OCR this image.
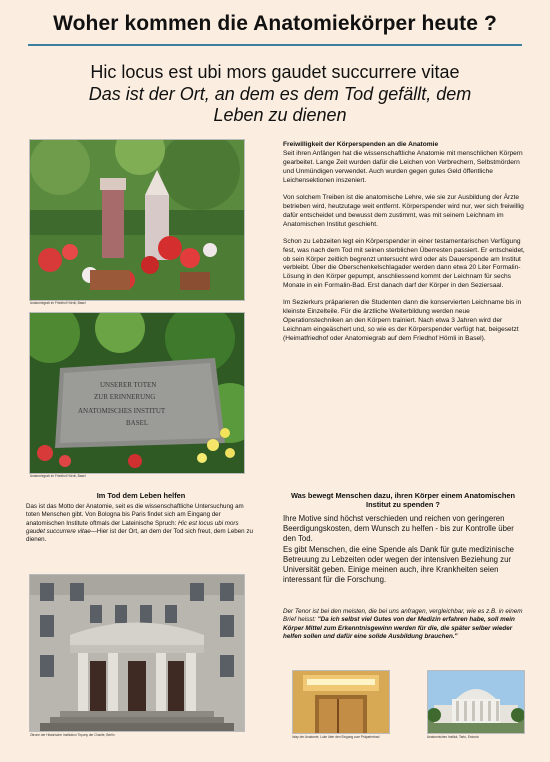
Woher kommen die Anatomiekörper heute ?
Hic locus est ubi mors gaudet succurrere vitae
Das ist der Ort, an dem es dem Tod gefällt, dem Leben zu dienen
Anatomiegrab im Friedhof Hörnli, Basel
UNSERER TOTEN
ZUR ERINNERUNG
ANATOMISCHES INSTITUT
BASEL
Anatomiegrab im Friedhof Hörnli, Basel
Freiwilligkeit der Körperspenden an die Anatomie

Seit ihren Anfängen hat die wissenschaftliche Anatomie mit menschlichen Körpern gearbeitet. Lange Zeit wurden dafür die Leichen von Verbrechern, Selbstmördern und Unmündigen verwendet. Auch wurden gegen gutes Geld öffentliche Leichensektionen inszeniert.

Von solchem Treiben ist die anatomische Lehre, wie sie zur Ausbildung der Ärzte betrieben wird, heutzutage weit entfernt. Körperspender wird nur, wer sich freiwillig dafür entscheidet und bewusst dem zustimmt, was mit seinem Leichnam im Anatomischen Institut geschieht.

Schon zu Lebzeiten legt ein Körperspender in einer testamentarischen Verfügung fest, was nach dem Tod mit seinen sterblichen Überresten passiert. Er entscheidet, ob sein Körper zeitlich begrenzt untersucht wird oder als Dauerspende am Institut verbleibt. Über die Oberschenkelschlagader werden dann etwa 20 Liter Formalin-Lösung in den Körper gepumpt, anschliessend kommt der Leichnam für sechs Monate in ein Formalin-Bad. Erst danach darf der Körper in den Seziersaal.

Im Sezierkurs präparieren die Studenten dann die konservierten Leichname bis in kleinste Einzelteile. Für die ärztliche Weiterbildung werden neue Operationstechniken an den Körpern trainiert. Nach etwa 3 Jahren wird der Leichnam eingeäschert und, so wie es der Körperspender verfügt hat, beigesetzt (Heimatfriedhof oder Anatomiegrab auf dem Friedhof Hörnli in Basel).

Im Tod dem Leben helfen
Das ist das Motto der Anatomie, seit es die wissenschaftliche Untersuchung am toten Menschen gibt. Von Bologna bis Paris findet sich am Eingang der anatomischen Institute oftmals der Lateinische Spruch: Hic est locus ubi mors gaudet succurrere vitae—Hier ist der Ort, an dem der Tod sich freut, dem Leben zu dienen.
Zitrone der Historische Institution Tirpuny der Charite, Berlin
Was bewegt Menschen dazu, ihren Körper einem Anatomischen Institut zu spenden ?

Ihre Motive sind höchst verschieden und reichen von geringeren Beerdigungskosten, dem Wunsch zu helfen - bis zur Kontrolle über den Tod.

Es gibt Menschen, die eine Spende als Dank für gute medizinische Betreuung zu Lebzeiten oder wegen der intensiven Beziehung zur Universität geben. Einige meinen auch, ihre Krankheiten seien interessant für die Forschung.

Der Tenor ist bei den meisten, die bei uns anfragen, vergleichbar, wie es z.B. in einem Brief heisst: "Da ich selbst viel Gutes von der Medizin erfahren habe, soll mein Körper Mittel zum Erkenntnisgewinn werden für die, die später selber wieder helfen sollen und dafür eine solide Ausbildung brauchen."
Inlay der Anatomie, Luke über den Eingang zum Präparierbad	Anatomisches Institut, Tartu, Estonia
